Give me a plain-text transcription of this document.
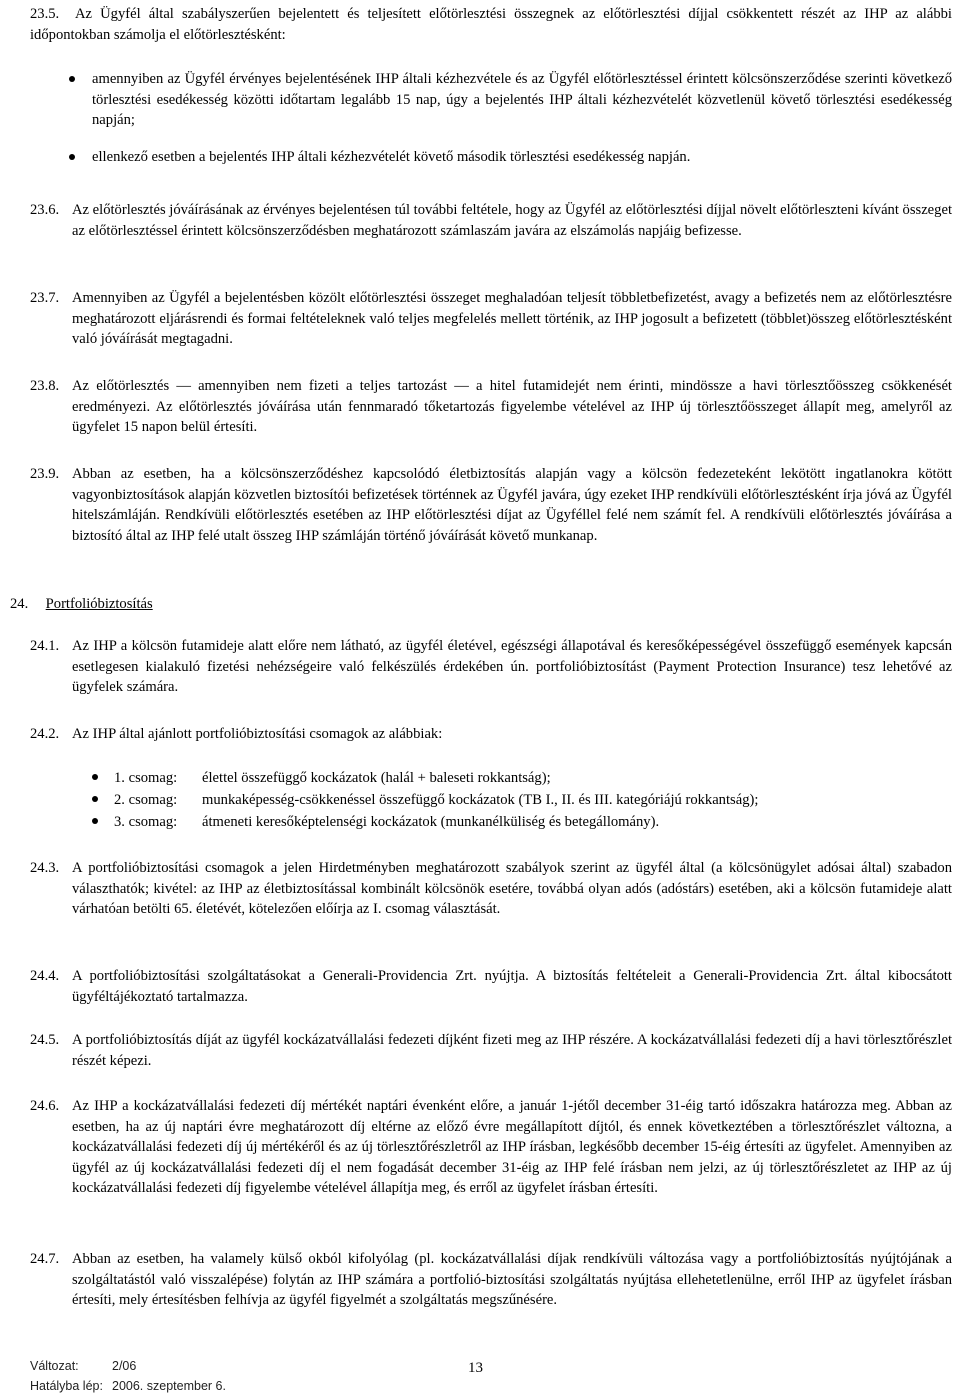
23.5.	Az Ügyfél által szabályszerűen bejelentett és teljesített előtörlesztési összegnek az előtörlesztési díjjal csökkentett részét az IHP az alábbi időpontokban számolja el előtörlesztésként:
amennyiben az Ügyfél érvényes bejelentésének IHP általi kézhezvétele és az Ügyfél előtörlesztéssel érintett kölcsönszerződése szerinti következő törlesztési esedékesség közötti időtartam legalább 15 nap, úgy a bejelentés IHP általi kézhezvételét közvetlenül követő törlesztési esedékesség napján;
ellenkező esetben a bejelentés IHP általi kézhezvételét követő második törlesztési esedékesség napján.
23.6. Az előtörlesztés jóváírásának az érvényes bejelentésen túl további feltétele, hogy az Ügyfél az előtörlesztési díjjal növelt előtörleszteni kívánt összeget az előtörlesztéssel érintett kölcsönszerződésben meghatározott számlaszám javára az elszámolás napjáig befizesse.
23.7. Amennyiben az Ügyfél a bejelentésben közölt előtörlesztési összeget meghaladóan teljesít többletbefizetést, avagy a befizetés nem az előtörlesztésre meghatározott eljárásrendi és formai feltételeknek való teljes megfelelés mellett történik, az IHP jogosult a befizetett (többlet)összeg előtörlesztésként való jóváírását megtagadni.
23.8. Az előtörlesztés — amennyiben nem fizeti a teljes tartozást — a hitel futamidejét nem érinti, mindössze a havi törlesztőösszeg csökkenését eredményezi. Az előtörlesztés jóváírása után fennmaradó tőketartozás figyelembe vételével az IHP új törlesztőösszeget állapít meg, amelyről az ügyfelet 15 napon belül értesíti.
23.9. Abban az esetben, ha a kölcsönszerződéshez kapcsolódó életbiztosítás alapján vagy a kölcsön fedezeteként lekötött ingatlanokra kötött vagyonbiztosítások alapján közvetlen biztosítói befizetések történnek az Ügyfél javára, úgy ezeket IHP rendkívüli előtörlesztésként írja jóvá az Ügyfél hitelszámláján. Rendkívüli előtörlesztés esetében az IHP előtörlesztési díjat az Ügyféllel felé nem számít fel. A rendkívüli előtörlesztés jóváírása a biztosító által az IHP felé utalt összeg IHP számláján történő jóváírását követő munkanap.
24. Portfolióbiztosítás
24.1. Az IHP a kölcsön futamideje alatt előre nem látható, az ügyfél életével, egészségi állapotával és keresőképességével összefüggő események kapcsán esetlegesen kialakuló fizetési nehézségeire való felkészülés érdekében ún. portfolióbiztosítást (Payment Protection Insurance) tesz lehetővé az ügyfelek számára.
24.2. Az IHP által ajánlott portfolióbiztosítási csomagok az alábbiak:
1. csomag: élettel összefüggő kockázatok (halál + baleseti rokkantság);
2. csomag: munkaképesség-csökkenéssel összefüggő kockázatok (TB I., II. és III. kategóriájú rokkantság);
3. csomag: átmeneti keresőképtelenségi kockázatok (munkanélküliség és betegállomány).
24.3. A portfolióbiztosítási csomagok a jelen Hirdetményben meghatározott szabályok szerint az ügyfél által (a kölcsönügylet adósai által) szabadon választhatók; kivétel: az IHP az életbiztosítással kombinált kölcsönök esetére, továbbá olyan adós (adóstárs) esetében, aki a kölcsön futamideje alatt várhatóan betölti 65. életévét, kötelezően előírja az I. csomag választását.
24.4. A portfolióbiztosítási szolgáltatásokat a Generali-Providencia Zrt. nyújtja. A biztosítás feltételeit a Generali-Providencia Zrt. által kibocsátott ügyféltájékoztató tartalmazza.
24.5. A portfolióbiztosítás díját az ügyfél kockázatvállalási fedezeti díjként fizeti meg az IHP részére. A kockázatvállalási fedezeti díj a havi törlesztőrészlet részét képezi.
24.6. Az IHP a kockázatvállalási fedezeti díj mértékét naptári évenként előre, a január 1-jétől december 31-éig tartó időszakra határozza meg. Abban az esetben, ha az új naptári évre meghatározott díj eltérne az előző évre megállapított díjtól, és ennek következtében a törlesztőrészlet változna, a kockázatvállalási fedezeti díj új mértékéről és az új törlesztőrészletről az IHP írásban, legkésőbb december 15-éig értesíti az ügyfelet. Amennyiben az ügyfél az új kockázatvállalási fedezeti díj el nem fogadását december 31-éig az IHP felé írásban nem jelzi, az új törlesztőrészletet az IHP az új kockázatvállalási fedezeti díj figyelembe vételével állapítja meg, és erről az ügyfelet írásban értesíti.
24.7. Abban az esetben, ha valamely külső okból kifolyólag (pl. kockázatvállalási díjak rendkívüli változása vagy a portfolióbiztosítás nyújtójának a szolgáltatástól való visszalépése) folytán az IHP számára a portfolió-biztosítási szolgáltatás nyújtása ellehetetlenülne, erről IHP az ügyfelet írásban értesíti, mely értesítésben felhívja az ügyfél figyelmét a szolgáltatás megszűnésére.
Változat:	2/06
Hatályba lép: 2006. szeptember 6.
13
